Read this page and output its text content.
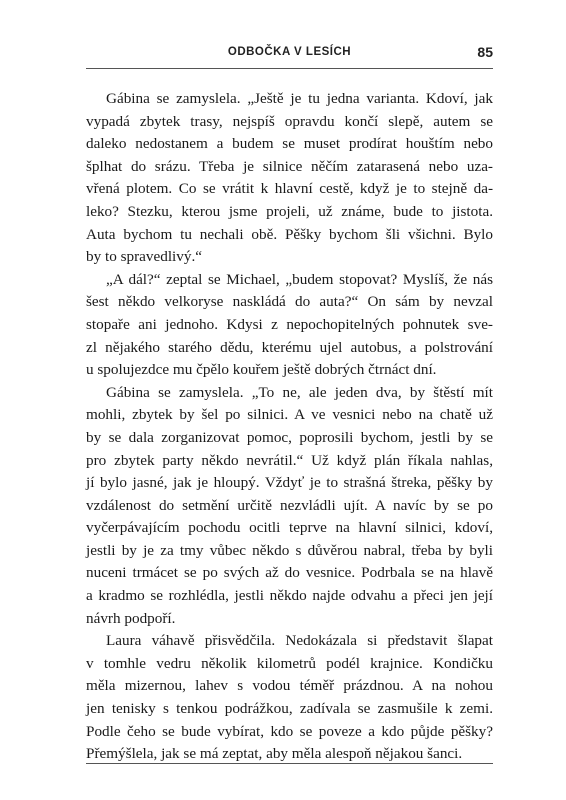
ODBOČKA V LESÍCH	85
Gábina se zamyslela. „Ještě je tu jedna varianta. Kdoví, jak
vypadá zbytek trasy, nejspíš opravdu končí slepě, autem se
daleko nedostanem a budem se muset prodírat houštím nebo
šplhat do srázu. Třeba je silnice něčím zatarasená nebo uza-
vřená plotem. Co se vrátit k hlavní cestě, když je to stejně da-
leko? Stezku, kterou jsme projeli, už známe, bude to jistota.
Auta bychom tu nechali obě. Pěšky bychom šli všichni. Bylo
by to spravedlivý.“
„A dál?“ zeptal se Michael, „budem stopovat? Myslíš, že nás
šest někdo velkoryse naskládá do auta?“ On sám by nevzal
stopaře ani jednoho. Kdysi z nepochopitelných pohnutek sve-
zl nějakého starého dědu, kterému ujel autobus, a polstrování
u spolujezdce mu čpělo kouřem ještě dobrých čtrnáct dní.
Gábina se zamyslela. „To ne, ale jeden dva, by štěstí mít
mohli, zbytek by šel po silnici. A ve vesnici nebo na chatě už
by se dala zorganizovat pomoc, poprosili bychom, jestli by se
pro zbytek party někdo nevrátil.“ Už když plán říkala nahlas,
jí bylo jasné, jak je hloupý. Vždyť je to strašná štreka, pěšky by
vzdálenost do setmění určitě nezvládli ujít. A navíc by se po
vyčerpávajícím pochodu ocitli teprve na hlavní silnici, kdoví,
jestli by je za tmy vůbec někdo s důvěrou nabral, třeba by byli
nuceni trmácet se po svých až do vesnice. Podrbala se na hlavě
a kradmo se rozhlédla, jestli někdo najde odvahu a přeci jen její
návrh podpoří.
Laura váhavě přisvědčila. Nedokázala si představit šlapat
v tomhle vedru několik kilometrů podél krajnice. Kondičku
měla mizernou, lahev s vodou téměř prázdnou. A na nohou
jen tenisky s tenkou podrážkou, zadívala se zasmušile k zemi.
Podle čeho se bude vybírat, kdo se poveze a kdo půjde pěšky?
Přemýšlela, jak se má zeptat, aby měla alespoň nějakou šanci.
